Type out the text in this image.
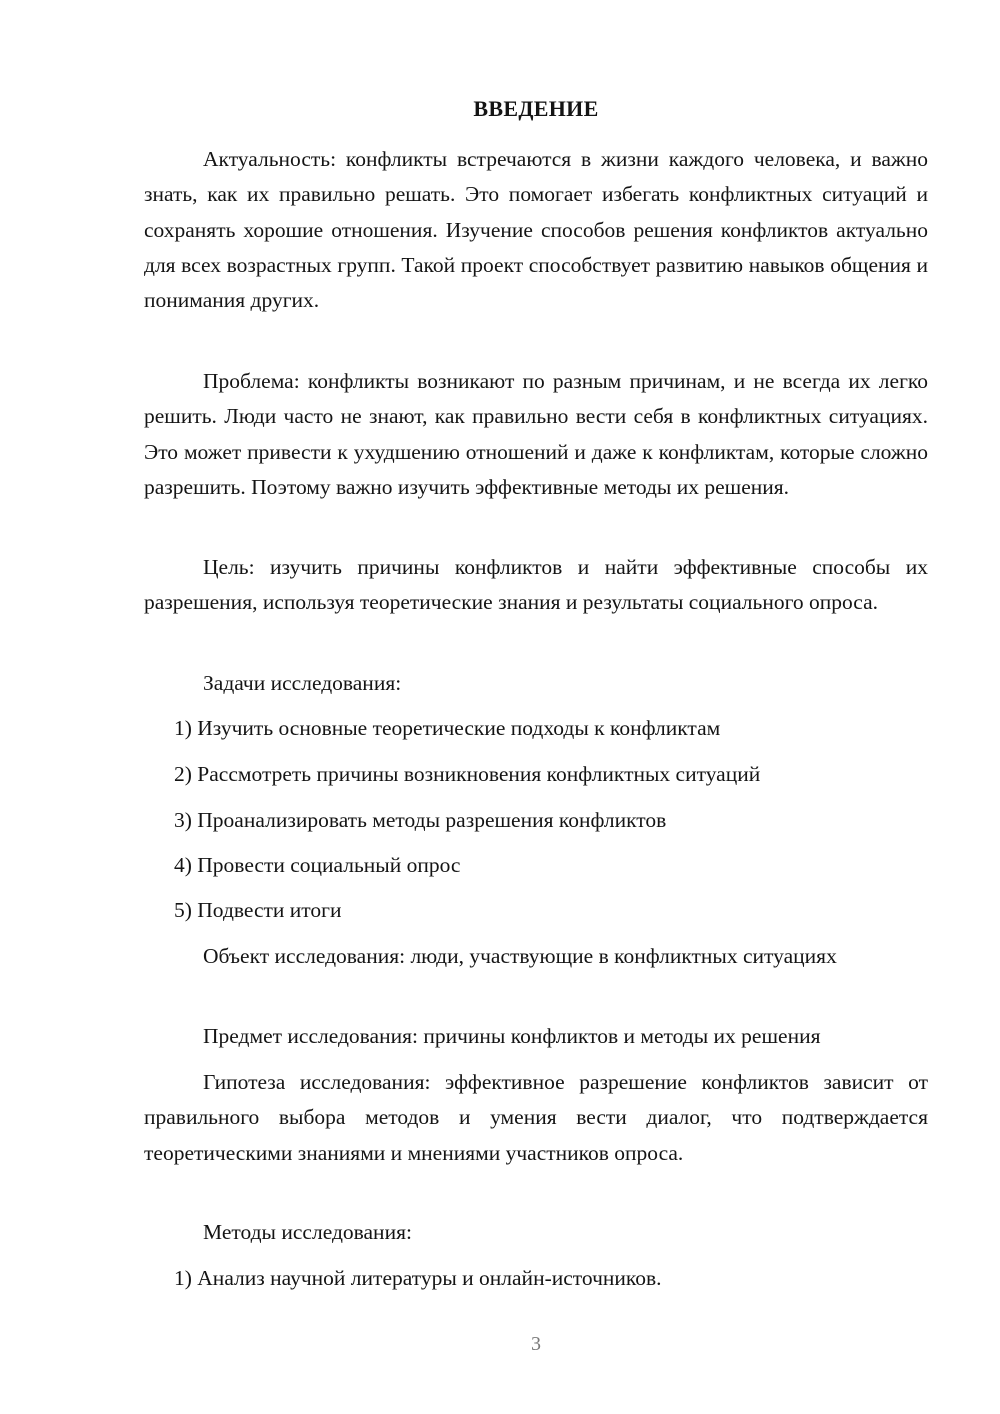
ВВЕДЕНИЕ

Актуальность: конфликты встречаются в жизни каждого человека, и важно знать, как их правильно решать. Это помогает избегать конфликтных ситуаций и сохранять хорошие отношения. Изучение способов решения конфликтов актуально для всех возрастных групп. Такой проект способствует развитию навыков общения и понимания других.

Проблема: конфликты возникают по разным причинам, и не всегда их легко решить. Люди часто не знают, как правильно вести себя в конфликтных ситуациях. Это может привести к ухудшению отношений и даже к конфликтам, которые сложно разрешить. Поэтому важно изучить эффективные методы их решения.

Цель: изучить причины конфликтов и найти эффективные способы их разрешения, используя теоретические знания и результаты социального опроса.

Задачи исследования:

1) Изучить основные теоретические подходы к конфликтам

2) Рассмотреть причины возникновения конфликтных ситуаций

3) Проанализировать методы разрешения конфликтов

4) Провести социальный опрос

5) Подвести итоги

Объект исследования: люди, участвующие в конфликтных ситуациях

Предмет исследования: причины конфликтов и методы их решения

Гипотеза исследования: эффективное разрешение конфликтов зависит от правильного выбора методов и умения вести диалог, что подтверждается теоретическими знаниями и мнениями участников опроса.

Методы исследования:

1) Анализ научной литературы и онлайн-источников.

3
